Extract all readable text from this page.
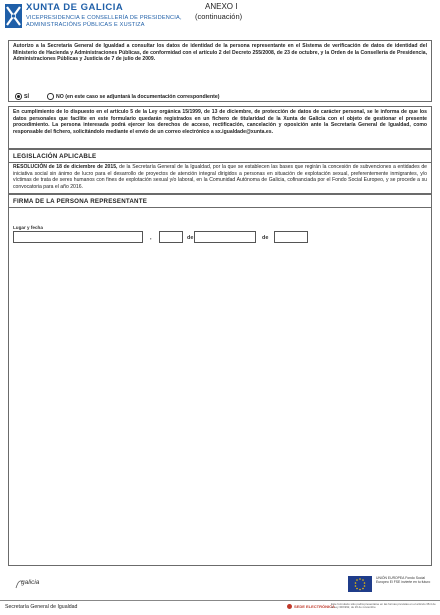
XUNTA DE GALICIA
VICEPRESIDENCIA E CONSELLERÍA DE PRESIDENCIA,
ADMINISTRACIÓNS PÚBLICAS E XUSTIZA
ANEXO I
(continuación)
Autorizo a la Secretaría General de Igualdad a consultar los datos de identidad de la persona representante en el Sistema de verificación de datos de identidad del Ministerio de Hacienda y Administraciones Públicas, de conformidad con el artículo 2 del Decreto 255/2008, de 23 de octubre, y la Orden de la Consellería de Presidencia, Administraciones Públicas y Justicia de 7 de julio de 2009.
SÍ	NO (en este caso se adjuntará la documentación correspondiente)
En cumplimiento de lo dispuesto en el artículo 5 de la Ley orgánica 15/1999, de 13 de diciembre, de protección de datos de carácter personal, se le informa de que los datos personales que facilite en este formulario quedarán registrados en un fichero de titularidad de la Xunta de Galicia con el objeto de gestionar el presente procedimiento. La persona interesada podrá ejercer los derechos de acceso, rectificación, cancelación y oposición ante la Secretaría General de Igualdad, como responsable del fichero, solicitándolo mediante el envío de un correo electrónico a sx.igualdade@xunta.es.
LEGISLACIÓN APLICABLE
RESOLUCIÓN de 18 de diciembre de 2015, de la Secretaría General de la Igualdad, por la que se establecen las bases que regirán la concesión de subvenciones a entidades de iniciativa social sin ánimo de lucro para el desarrollo de proyectos de atención integral dirigidos a personas en situación de explotación sexual, preferentemente inmigrantes, y/o víctimas de trata de seres humanos con fines de explotación sexual y/o laboral, en la Comunidad Autónoma de Galicia, cofinanciada por el Fondo Social Europeo, y se procede a su convocatoria para el año 2016.
FIRMA DE LA PERSONA REPRESENTANTE
Lugar y fecha
,	de	de
galicia
UNIÓN EUROPEA Fondo Social Europeo El FSE invierte en tu futuro
Secretaría General de Igualdad	SEDE ELECTRÓNICA
Este formulario sólo podrá presentarse en las formas previstas en el artículo 38.4 de la Ley 30/1992, de 26 de noviembre
